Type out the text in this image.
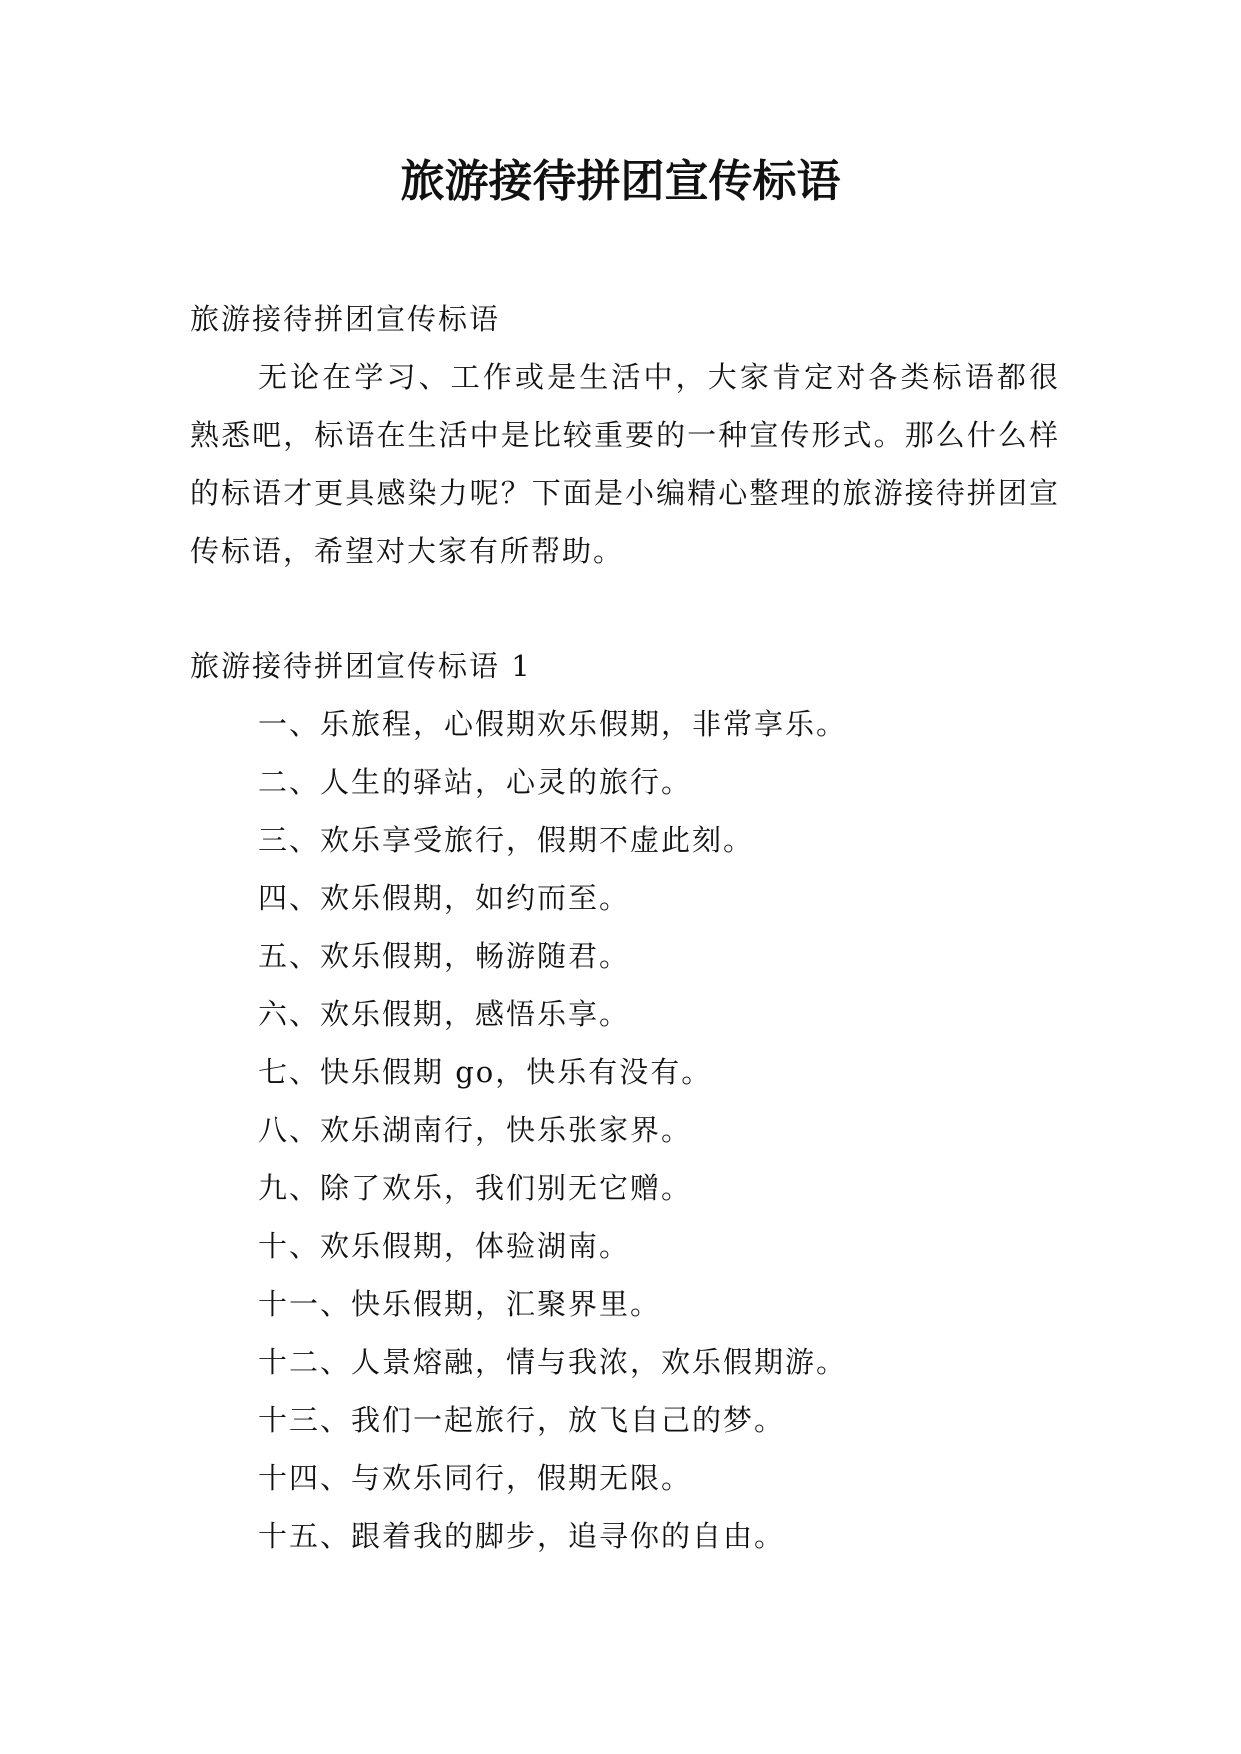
旅游接待拼团宣传标语
旅游接待拼团宣传标语

无论在学习、工作或是生活中，大家肯定对各类标语都很熟悉吧，标语在生活中是比较重要的一种宣传形式。那么什么样的标语才更具感染力呢？下面是小编精心整理的旅游接待拼团宣传标语，希望对大家有所帮助。

旅游接待拼团宣传标语 1
一、乐旅程，心假期欢乐假期，非常享乐。
二、人生的驿站，心灵的旅行。
三、欢乐享受旅行，假期不虚此刻。
四、欢乐假期，如约而至。
五、欢乐假期，畅游随君。
六、欢乐假期，感悟乐享。
七、快乐假期 go，快乐有没有。
八、欢乐湖南行，快乐张家界。
九、除了欢乐，我们别无它赠。
十、欢乐假期，体验湖南。
十一、快乐假期，汇聚界里。
十二、人景熔融，情与我浓，欢乐假期游。
十三、我们一起旅行，放飞自己的梦。
十四、与欢乐同行，假期无限。
十五、跟着我的脚步，追寻你的自由。
